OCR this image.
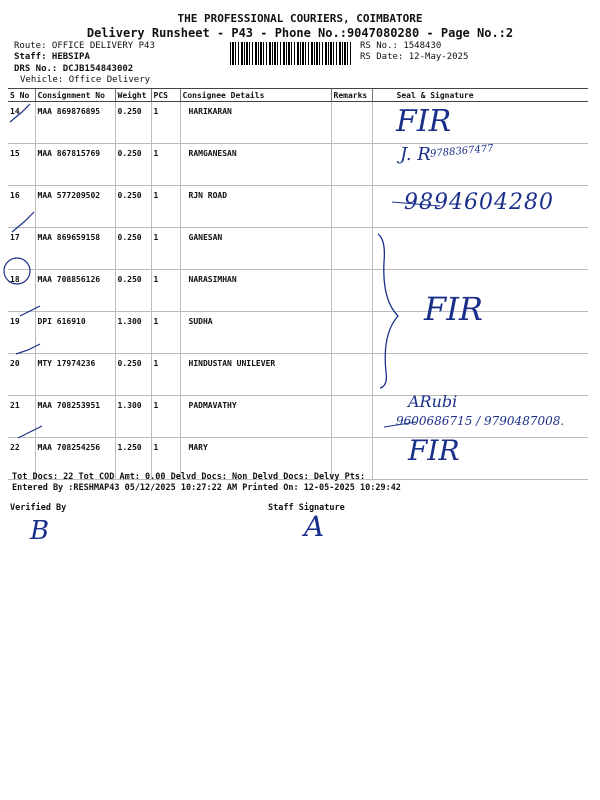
THE PROFESSIONAL COURIERS, COIMBATORE
Delivery Runsheet - P43 - Phone No.:9047080280 - Page No.:2
Route: OFFICE DELIVERY P43
Staff: HEBSIPA
DRS No.: DCJB154843002
Vehicle: Office Delivery
RS No.: 1548430
RS Date: 12-May-2025
S No	Consignment No	Weight	PCS	Consignee Details	Remarks	Seal & Signature
14	MAA 869876895	0.250	1	HARIKARAN		
15	MAA 867815769	0.250	1	RAMGANESAN		
16	MAA 577209502	0.250	1	RJN ROAD		
17	MAA 869659158	0.250	1	GANESAN		
18	MAA 708856126	0.250	1	NARASIMHAN		
19	DPI 616910	1.300	1	SUDHA		
20	MTY 17974236	0.250	1	HINDUSTAN UNILEVER		
21	MAA 708253951	1.300	1	PADMAVATHY		
22	MAA 708254256	1.250	1	MARY		
FIR
J. R
9788367477
9894604280
FIR
ARubi
9600686715 / 9790487008.
FIR
Tot Docs: 22 Tot COD Amt: 0.00 Delvd Docs: Non Delvd Docs: Delvy Pts:
Entered By :RESHMAP43 05/12/2025 10:27:22 AM Printed On: 12-05-2025 10:29:42
Verified By	Staff Signature
B	A
